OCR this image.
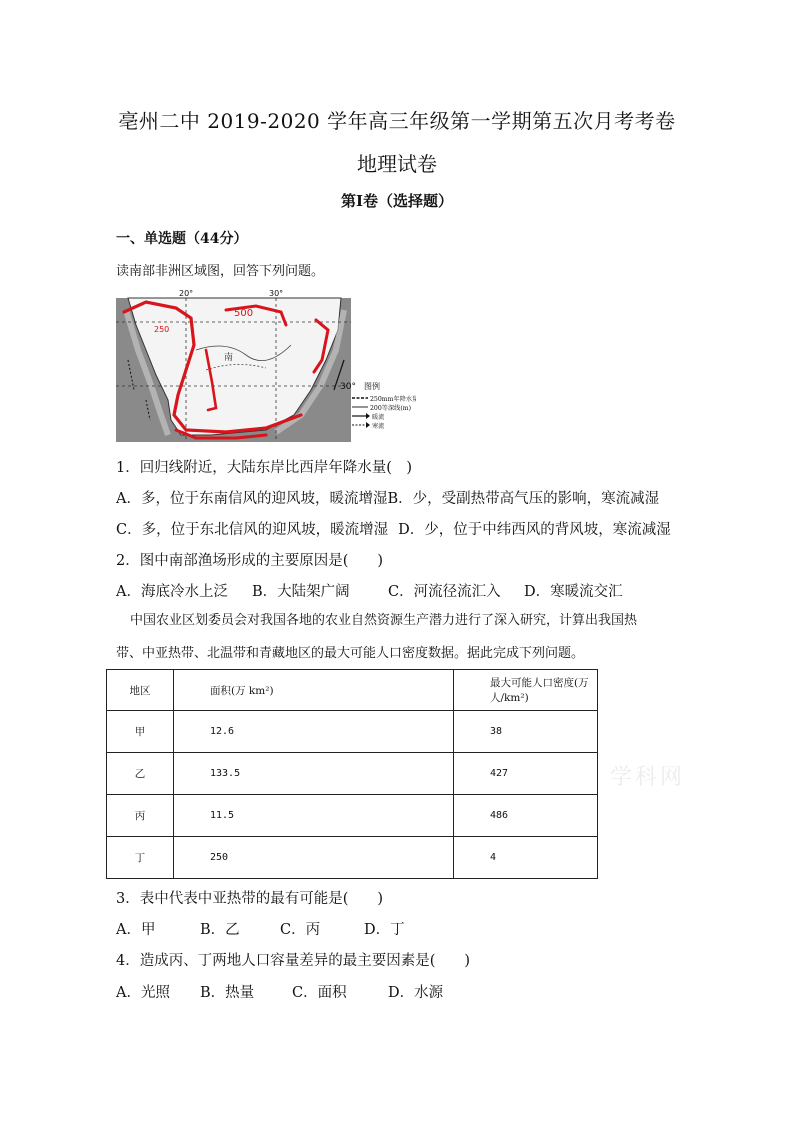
亳州二中 2019-2020 学年高三年级第一学期第五次月考考卷
地理试卷
第I卷（选择题）
一、单选题（44分）
读南部非洲区域图，回答下列问题。
20°	30°
500
250
南
30° 图例
250mm年降水量
200等深线(m)
暖流
寒流
1．回归线附近，大陆东岸比西岸年降水量(　)
A．多，位于东南信风的迎风坡，暖流增湿 B．少，受副热带高气压的影响，寒流减湿
C．多，位于东北信风的迎风坡，暖流增湿 D．少，位于中纬西风的背风坡，寒流减湿
2．图中南部渔场形成的主要原因是(　　)
A．海底冷水上泛	B．大陆架广阔	C．河流径流汇入	D．寒暖流交汇
中国农业区划委员会对我国各地的农业自然资源生产潜力进行了深入研究，计算出我国热
带、中亚热带、北温带和青藏地区的最大可能人口密度数据。据此完成下列问题。
地区	面积(万 km²)	最大可能人口密度(万人/km²)
甲	12.6	38
乙	133.5	427
丙	11.5	486
丁	250	4
学科网
3．表中代表中亚热带的最有可能是(　　)
A．甲	B．乙	C．丙	D．丁
4．造成丙、丁两地人口容量差异的最主要因素是(　　)
A．光照	B．热量	C．面积	D．水源
